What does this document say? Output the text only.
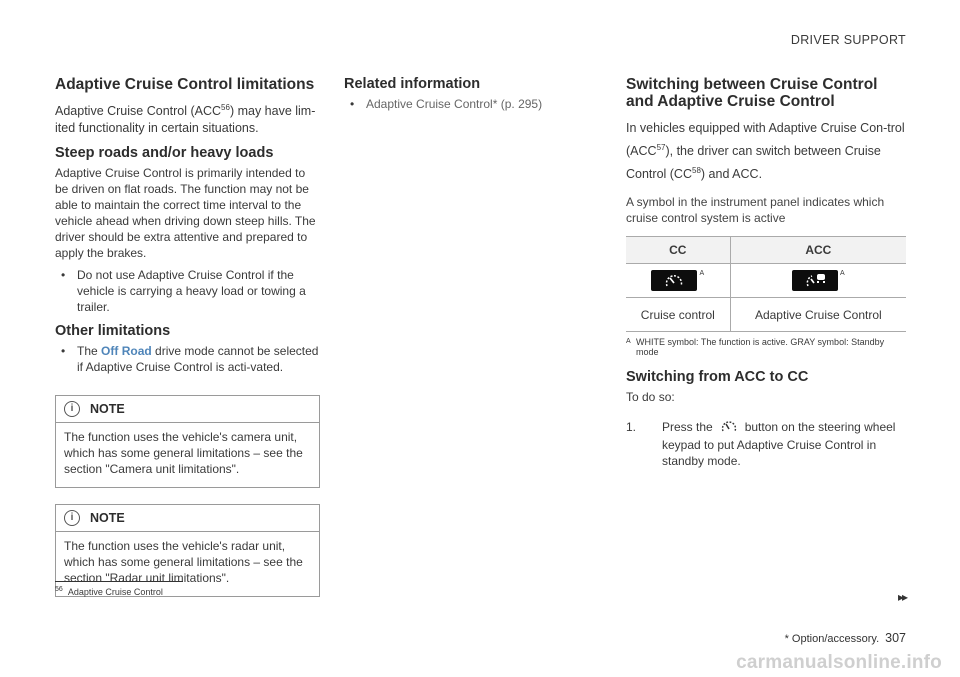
DRIVER SUPPORT
Adaptive Cruise Control limitations

Adaptive Cruise Control (ACC$^{56}$) may have lim-ited functionality in certain situations.

Steep roads and/or heavy loads

Adaptive Cruise Control is primarily intended to be driven on flat roads. The function may not be able to maintain the correct time interval to the vehicle ahead when driving down steep hills. The driver should be extra attentive and prepared to apply the brakes.

• Do not use Adaptive Cruise Control if the vehicle is carrying a heavy load or towing a trailer.
Other limitations
• The Off Road drive mode cannot be selected if Adaptive Cruise Control is acti-vated.
i	NOTE
The function uses the vehicle's camera unit, which has some general limitations – see the section "Camera unit limitations".
i	NOTE
The function uses the vehicle's radar unit, which has some general limitations – see the section "Radar unit limitations".
Related information
• Adaptive Cruise Control* (p. 295)
Switching between Cruise Control
and Adaptive Cruise Control

In vehicles equipped with Adaptive Cruise Con-trol (ACC$^{57}$), the driver can switch between Cruise Control (CC$^{58}$) and ACC.

A symbol in the instrument panel indicates which cruise control system is active

CC	ACC

$^A$	$^A$
Cruise control	Adaptive Cruise Control
A WHITE symbol: The function is active. GRAY symbol: Standby mode
Switching from ACC to CC

To do so:

1. Press the	button on the steering wheel keypad to put Adaptive Cruise Control in standby mode.
$^{56}$ Adaptive Cruise Control	▸▸
* Option/accessory. 307
carmanualsonline.info
